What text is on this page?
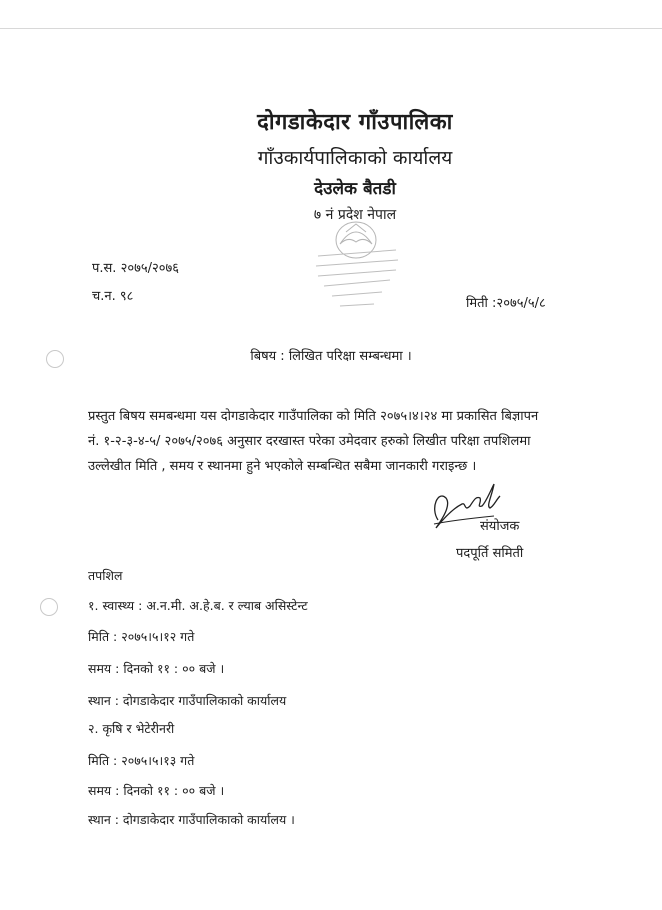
दोगडाकेदार गाँउपालिका
गाँउकार्यपालिकाको कार्यालय
देउलेक बैतडी
७ नं प्रदेश नेपाल
प.स. २०७५/२०७६
च.न. ९८	मिती :२०७५/५/८
बिषय : लिखित परिक्षा सम्बन्धमा ।

प्रस्तुत बिषय समबन्धमा यस दोगडाकेदार गाउँपालिका को मिति २०७५।४।२४ मा प्रकासित बिज्ञापन

नं. १-२-३-४-५/ २०७५/२०७६ अनुसार दरखास्त परेका उमेदवार हरुको लिखीत परिक्षा तपशिलमा

उल्लेखीत मिति , समय र स्थानमा हुने भएकोले सम्बन्धित सबैमा जानकारी गराइन्छ ।

संयोजक
पदपूर्ति समिती
तपशिल
१. स्वास्थ्य : अ.न.मी. अ.हे.ब. र ल्याब असिस्टेन्ट
मिति : २०७५।५।१२ गते
समय : दिनको ११ : ०० बजे ।
स्थान : दोगडाकेदार गाउँपालिकाको कार्यालय
२. कृषि र भेटेरीनरी
मिति : २०७५।५।१३ गते
समय : दिनको ११ : ०० बजे ।
स्थान : दोगडाकेदार गाउँपालिकाको कार्यालय ।
